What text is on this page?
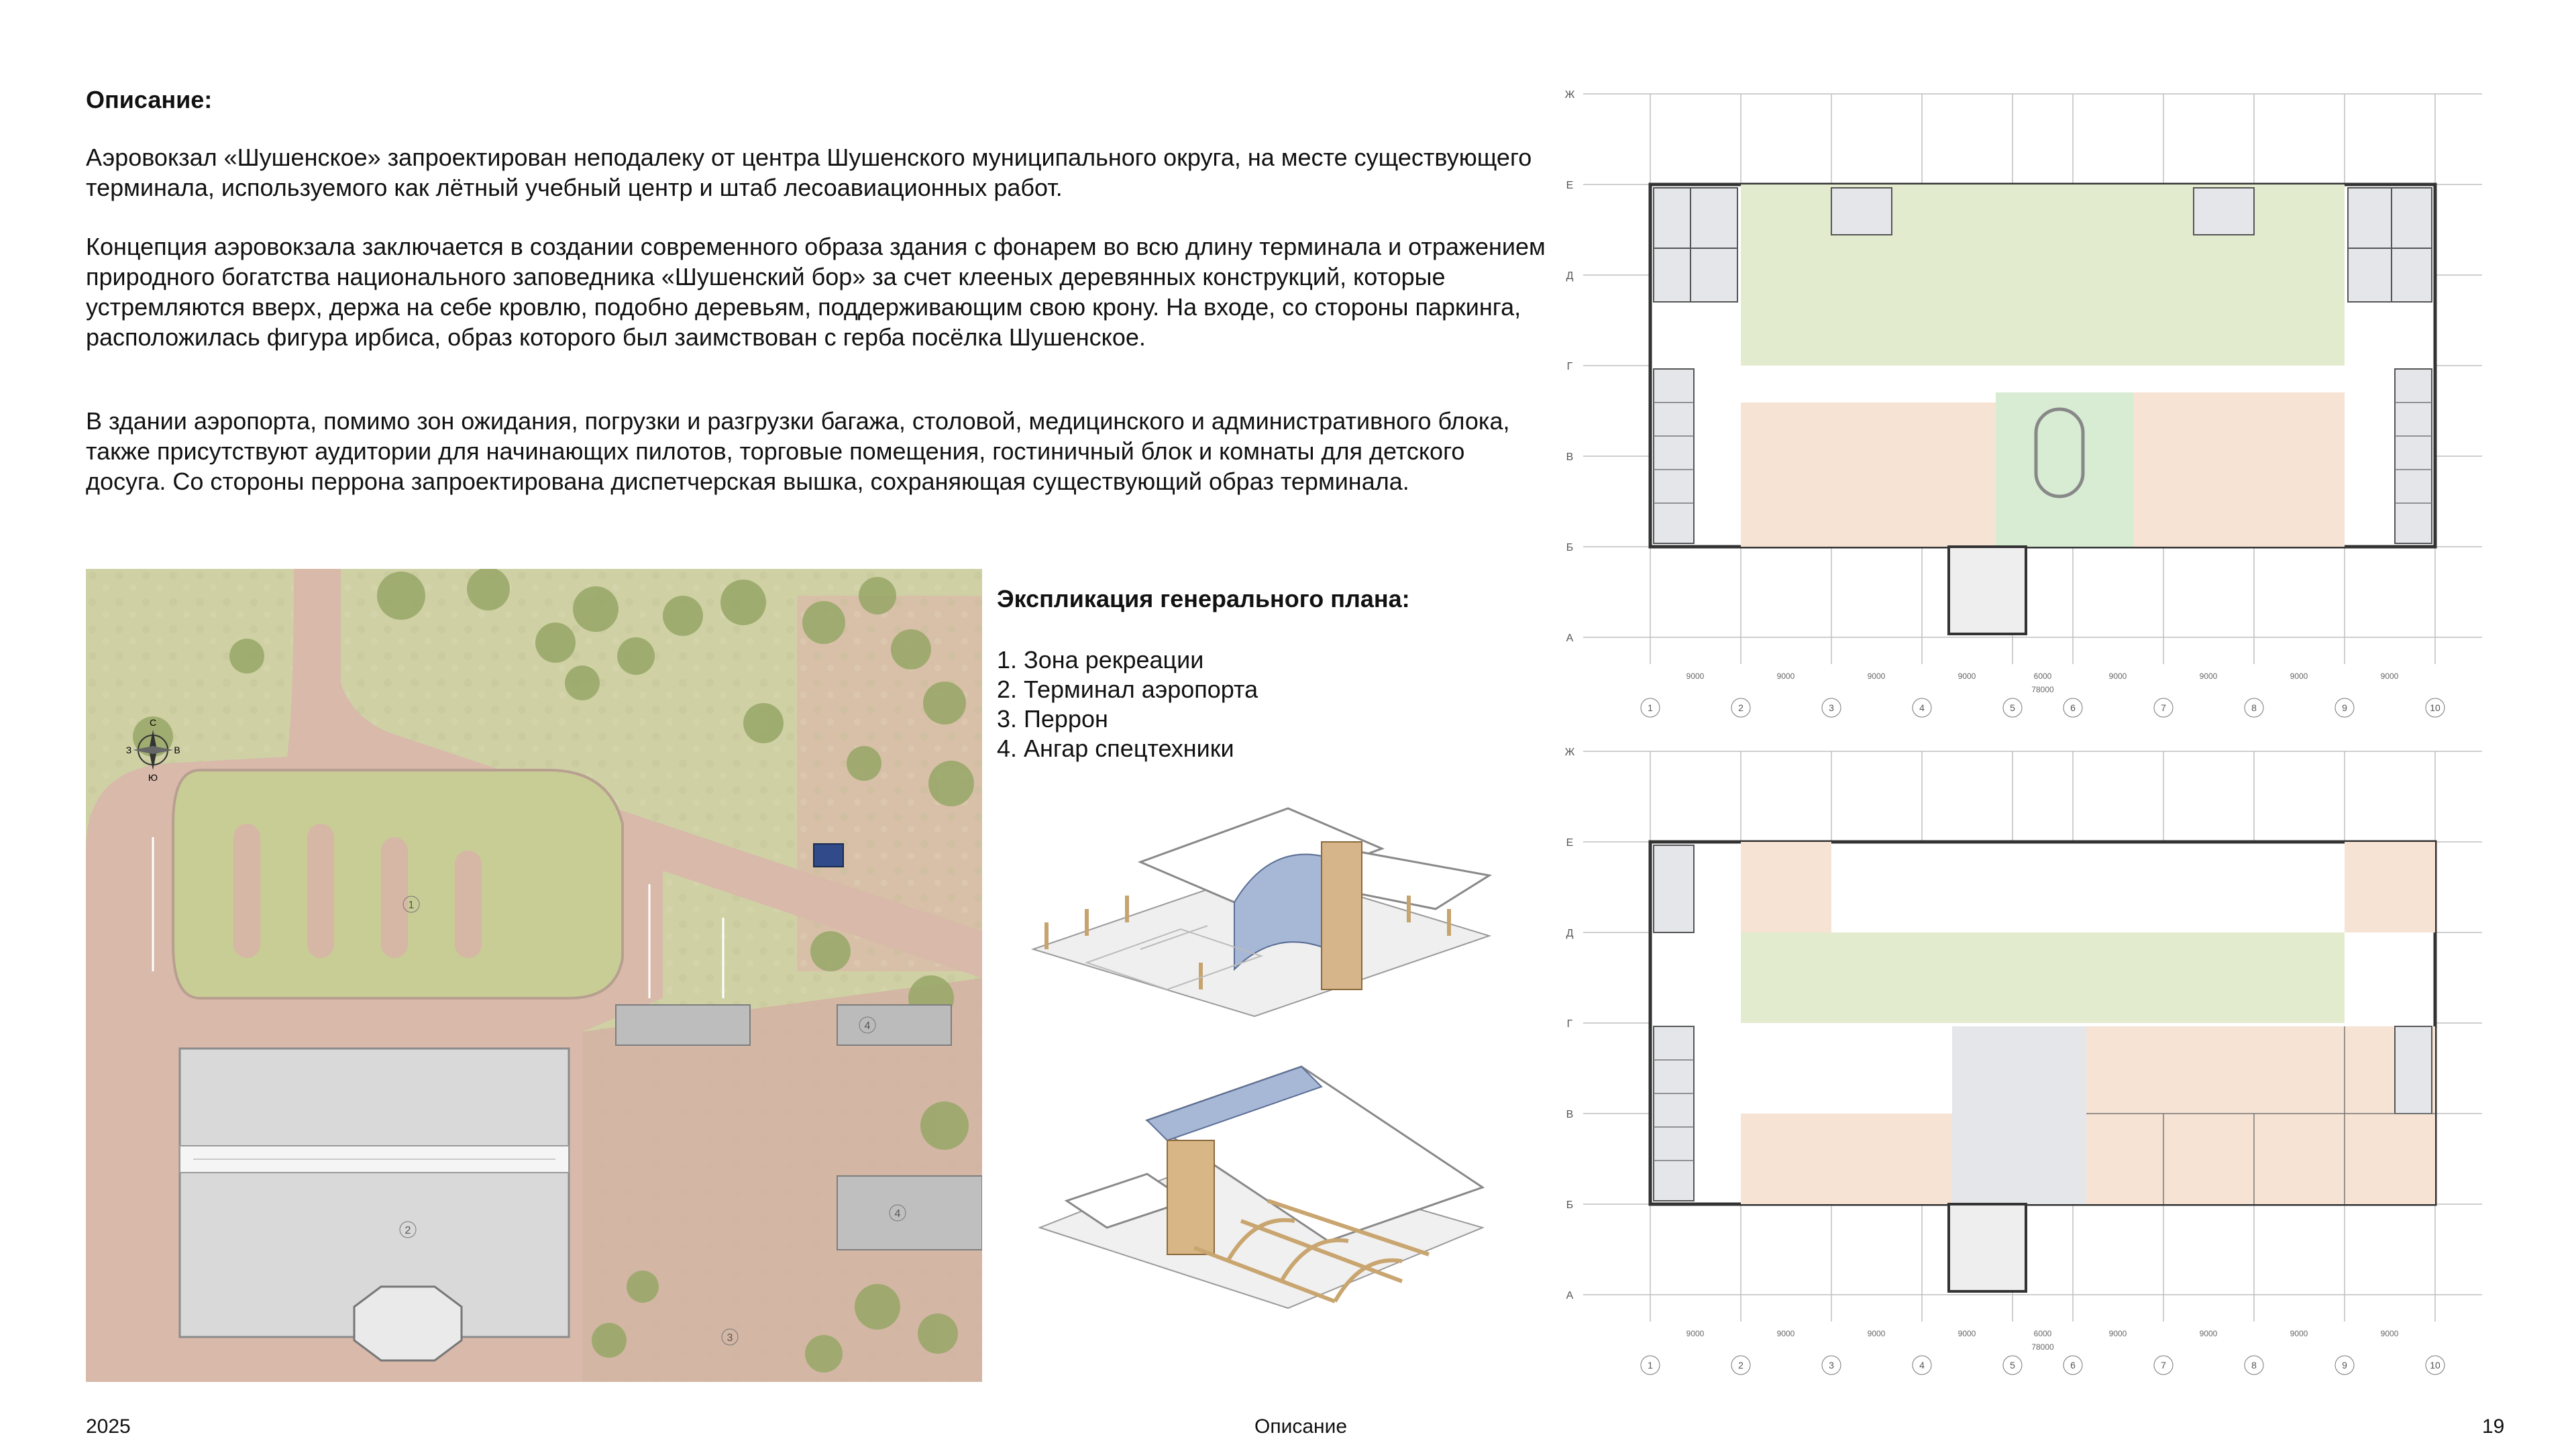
Описание:
Аэровокзал «Шушенское» запроектирован неподалеку от центра Шушенского муниципального округа, на месте существующего терминала, используемого как лётный учебный центр и штаб лесоавиационных работ.
Концепция аэровокзала заключается в создании современного образа здания с фонарем во всю длину терминала и отражением природного богатства национального заповедника «Шушенский бор» за счет клееных деревянных конструкций, которые устремляются вверх, держа на себе кровлю, подобно деревьям, поддерживающим свою крону. На входе, со стороны паркинга, расположилась фигура ирбиса, образ которого был заимствован с герба посёлка Шушенское.
В здании аэропорта, помимо зон ожидания, погрузки и разгрузки багажа, столовой, медицинского и административного блока, также присутствуют аудитории для начинающих пилотов, торговые помещения, гостиничный блок и комнаты для детского досуга. Со стороны перрона запроектирована диспетчерская вышка, сохраняющая существующий образ терминала.
С
В
Ю
З
1
2
3
4
4
Экспликация генерального плана:
1. Зона рекреации
2. Терминал аэропорта
3. Перрон
4. Ангар спецтехники
Ж
Е
Д
Г
В
Б
А
9000	9000	9000	9000	6000	9000	9000	9000	9000
78000
1	2	3	4	5	6	7	8	9	10
Ж
Е
Д
Г
В
Б
А
9000	9000	9000	9000	6000	9000	9000	9000	9000
78000
1	2	3	4	5	6	7	8	9	10
2025	Описание	19
